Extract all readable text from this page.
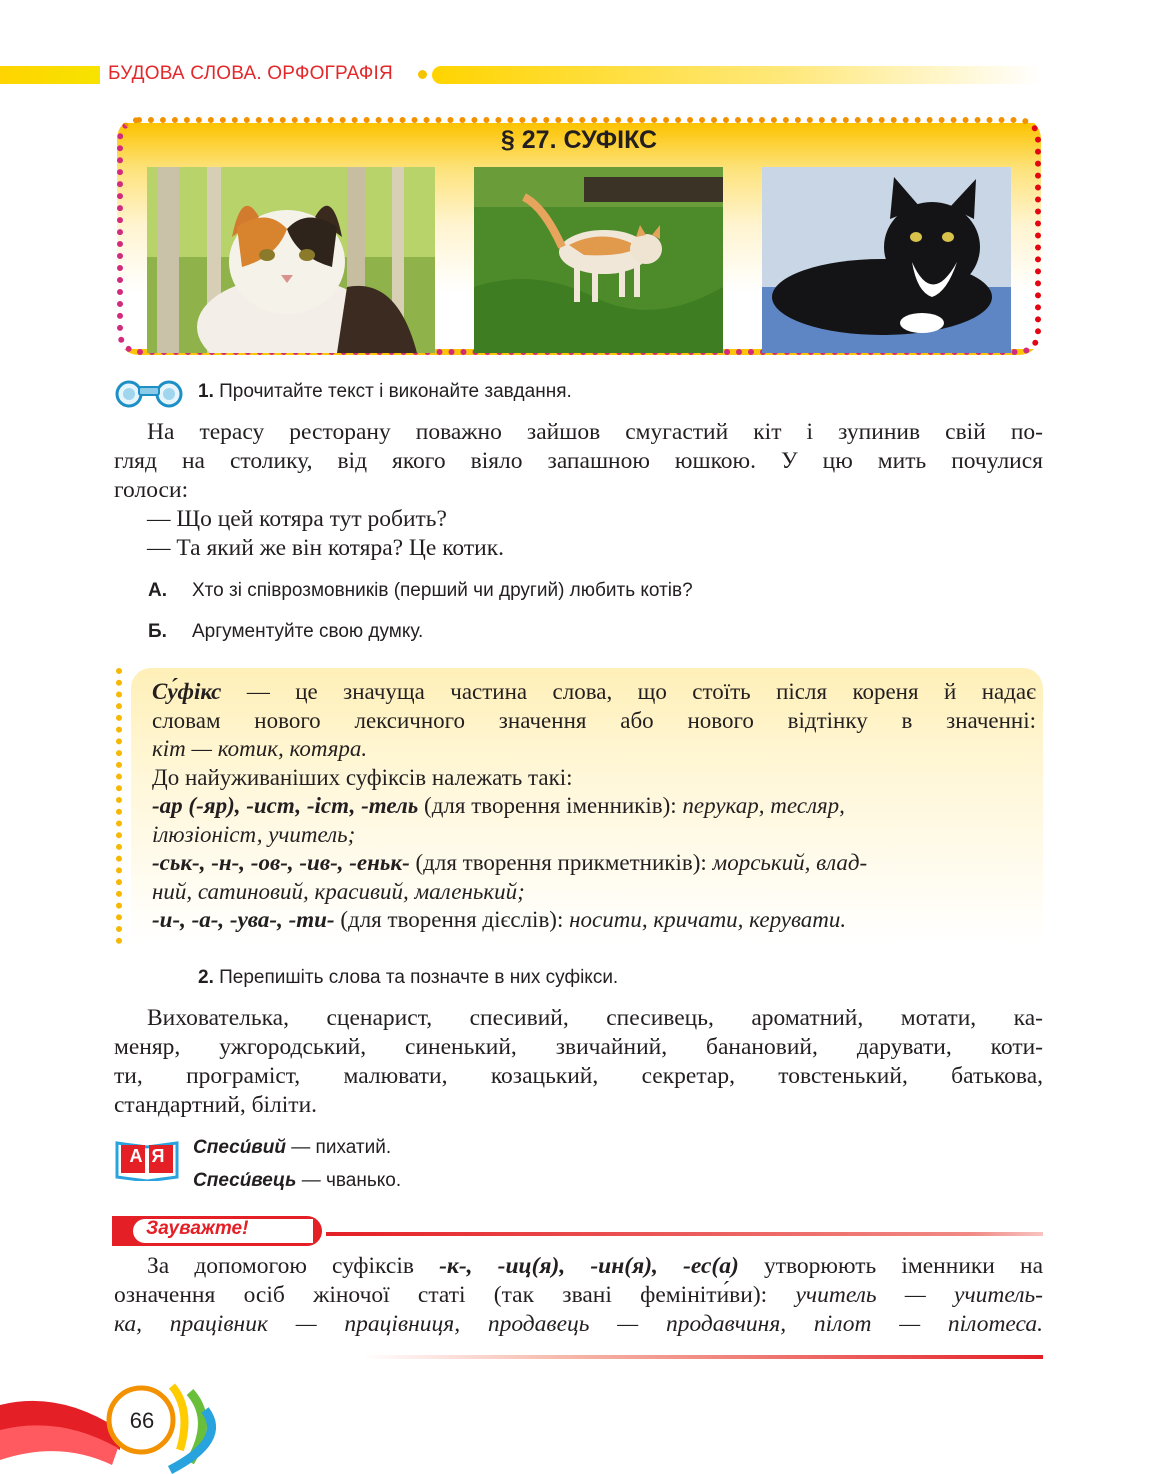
БУДОВА СЛОВА. ОРФОГРАФІЯ
§ 27. СУФІКС
1. Прочитайте текст і виконайте завдання.
На терасу ресторану поважно зайшов смугастий кіт і зупинив свій по-
гляд на столику, від якого віяло запашною юшкою. У цю мить почулися
голоси:
— Що цей котяра тут робить?
— Та який же він котяра? Це котик.
А. Хто зі співрозмовників (перший чи другий) любить котів?
Б. Аргументуйте свою думку.
Су́фікс — це значуща частина слова, що стоїть після кореня й надає
словам нового лексичного значення або нового відтінку в значенні:
кіт — котик, котяра.
До найуживаніших суфіксів належать такі:
-ар (-яр), -ист, -іст, -тель (для творення іменників): перукар, тесляр,
ілюзіоніст, учитель;
-ськ-, -н-, -ов-, -ив-, -еньк- (для творення прикметників): морський, влад-
ний, сатиновий, красивий, маленький;
-и-, -а-, -ува-, -ти- (для творення дієслів): носити, кричати, керувати.
2. Перепишіть слова та позначте в них суфікси.
Вихователька, сценарист, спесивий, спесивець, ароматний, мотати, ка-
меняр, ужгородський, синенький, звичайний, банановий, дарувати, коти-
ти, програміст, малювати, козацький, секретар, товстенький, батькова,
стандартний, біліти.
А Я	Спеси́вий — пихатий.
Спеси́вець — чванько.
Зауважте!
За допомогою суфіксів -к-, -иц(я), -ин(я), -ес(а) утворюють іменники на
означення осіб жіночої статі (так звані фемініти́ви): учитель — учитель-
ка, працівник — працівниця, продавець — продавчиня, пілот — пілотеса.
66
